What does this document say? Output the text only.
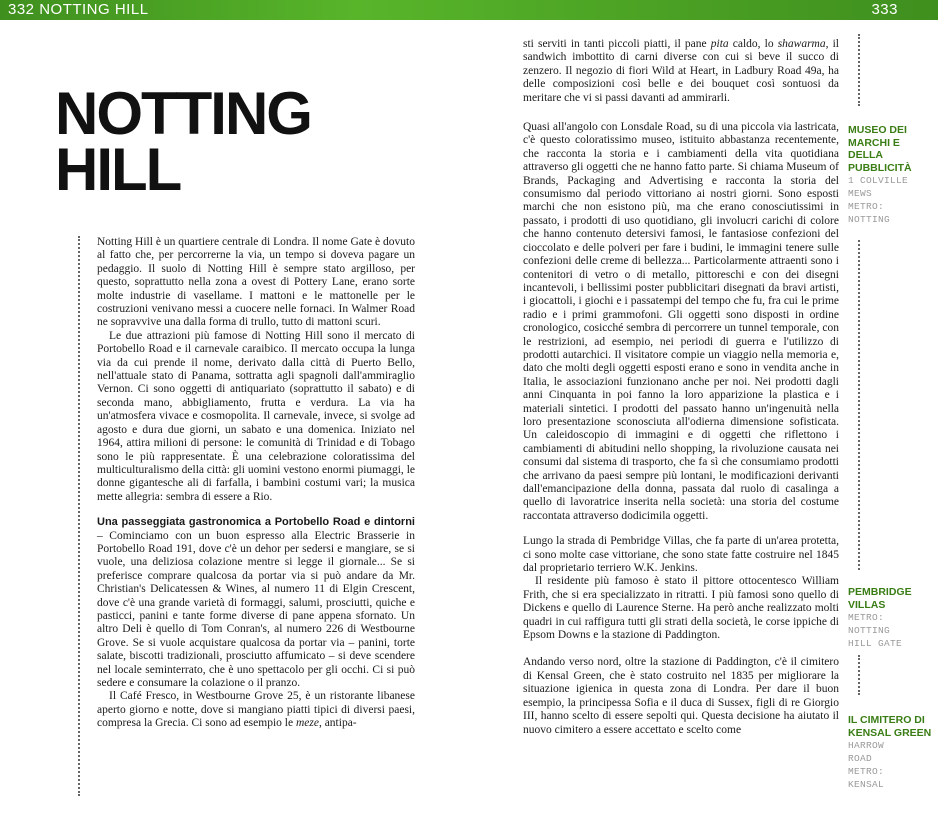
332 NOTTING HILL	333
NOTTING
HILL

Notting Hill è un quartiere centrale di Londra. Il nome Gate è dovuto al fatto che, per percorrerne la via, un tempo si doveva pagare un pedaggio. Il suolo di Notting Hill è sempre stato argilloso, per questo, soprattutto nella zona a ovest di Pottery Lane, erano sorte molte industrie di vasellame. I mattoni e le mattonelle per le costruzioni venivano messi a cuocere nelle fornaci. In Walmer Road ne sopravvive una dalla forma di trullo, tutto di mattoni scuri.

Le due attrazioni più famose di Notting Hill sono il mercato di Portobello Road e il carnevale caraibico. Il mercato occupa la lunga via da cui prende il nome, derivato dalla città di Puerto Bello, nell'attuale stato di Panama, sottratta agli spagnoli dall'ammiraglio Vernon. Ci sono oggetti di antiquariato (soprattutto il sabato) e di seconda mano, abbigliamento, frutta e verdura. La via ha un'atmosfera vivace e cosmopolita. Il carnevale, invece, si svolge ad agosto e dura due giorni, un sabato e una domenica. Iniziato nel 1964, attira milioni di persone: le comunità di Trinidad e di Tobago sono le più rappresentate. È una celebrazione coloratissima del multiculturalismo della città: gli uomini vestono enormi piumaggi, le donne gigantesche ali di farfalla, i bambini costumi vari; la musica mette allegria: sembra di essere a Rio.

Una passeggiata gastronomica a Portobello Road e dintorni – Cominciamo con un buon espresso alla Electric Brasserie in Portobello Road 191, dove c'è un dehor per sedersi e mangiare, se si vuole, una deliziosa colazione mentre si legge il giornale... Se si preferisce comprare qualcosa da portar via si può andare da Mr. Christian's Delicatessen & Wines, al numero 11 di Elgin Crescent, dove c'è una grande varietà di formaggi, salumi, prosciutti, quiche e pasticci, panini e tante forme diverse di pane appena sfornato. Un altro Deli è quello di Tom Conran's, al numero 226 di Westbourne Grove. Se si vuole acquistare qualcosa da portar via – panini, torte salate, biscotti tradizionali, prosciutto affumicato – si deve scendere nel locale seminterrato, che è uno spettacolo per gli occhi. Ci si può sedere e consumare la colazione o il pranzo.

Il Café Fresco, in Westbourne Grove 25, è un ristorante libanese aperto giorno e notte, dove si mangiano piatti tipici di diversi paesi, compresa la Grecia. Ci sono ad esempio le meze, antipa-

sti serviti in tanti piccoli piatti, il pane pita caldo, lo shawarma, il sandwich imbottito di carni diverse con cui si beve il succo di zenzero. Il negozio di fiori Wild at Heart, in Ladbury Road 49a, ha delle composizioni così belle e dei bouquet così sontuosi da meritare che vi si passi davanti ad ammirarli.

Quasi all'angolo con Lonsdale Road, su di una piccola via lastricata, c'è questo coloratissimo museo, istituito abbastanza recentemente, che racconta la storia e i cambiamenti della vita quotidiana attraverso gli oggetti che ne hanno fatto parte. Si chiama Museum of Brands, Packaging and Advertising e racconta la storia del consumismo dal periodo vittoriano ai nostri giorni. Sono esposti marchi che non esistono più, ma che erano conosciutissimi in passato, i prodotti di uso quotidiano, gli involucri carichi di colore che hanno contenuto detersivi famosi, le fantasiose confezioni del cioccolato e delle polveri per fare i budini, le immagini tenere sulle confezioni delle creme di bellezza... Particolarmente attraenti sono i contenitori di vetro o di metallo, pittoreschi e con dei disegni incantevoli, i bellissimi poster pubblicitari disegnati da bravi artisti, i giocattoli, i giochi e i passatempi del tempo che fu, fra cui le prime radio e i primi grammofoni. Gli oggetti sono disposti in ordine cronologico, cosicché sembra di percorrere un tunnel temporale, con le restrizioni, ad esempio, nei periodi di guerra e l'utilizzo di prodotti autarchici. Il visitatore compie un viaggio nella memoria e, dato che molti degli oggetti esposti erano e sono in vendita anche in Italia, le associazioni funzionano anche per noi. Nei prodotti dagli anni Cinquanta in poi fanno la loro apparizione la plastica e i materiali sintetici. I prodotti del passato hanno un'ingenuità nella loro presentazione sconosciuta all'odierna dimensione sofisticata. Un caleidoscopio di immagini e di oggetti che riflettono i cambiamenti di abitudini nello shopping, la rivoluzione causata nei consumi dal sistema di trasporto, che fa sì che consumiamo prodotti che arrivano da paesi sempre più lontani, le modificazioni derivanti dall'emancipazione della donna, passata dal ruolo di casalinga a quello di lavoratrice inserita nella società: una storia del costume raccontata attraverso dodicimila oggetti.

Lungo la strada di Pembridge Villas, che fa parte di un'area protetta, ci sono molte case vittoriane, che sono state fatte costruire nel 1845 dal proprietario terriero W.K. Jenkins.

Il residente più famoso è stato il pittore ottocentesco William Frith, che si era specializzato in ritratti. I più famosi sono quello di Dickens e quello di Laurence Sterne. Ha però anche realizzato molti quadri in cui raffigura tutti gli strati della società, le corse ippiche di Epsom Downs e la stazione di Paddington.

Andando verso nord, oltre la stazione di Paddington, c'è il cimitero di Kensal Green, che è stato costruito nel 1835 per migliorare la situazione igienica in questa zona di Londra. Per dare il buon esempio, la principessa Sofia e il duca di Sussex, figli di re Giorgio III, hanno scelto di essere sepolti qui. Questa decisione ha aiutato il nuovo cimitero a essere accettato e scelto come

MUSEO DEI MARCHI E DELLA PUBBLICITÀ
1 COLVILLE MEWS
METRO: NOTTING
PEMBRIDGE VILLAS
METRO: NOTTING HILL GATE
IL CIMITERO DI KENSAL GREEN
HARROW ROAD
METRO: KENSAL
